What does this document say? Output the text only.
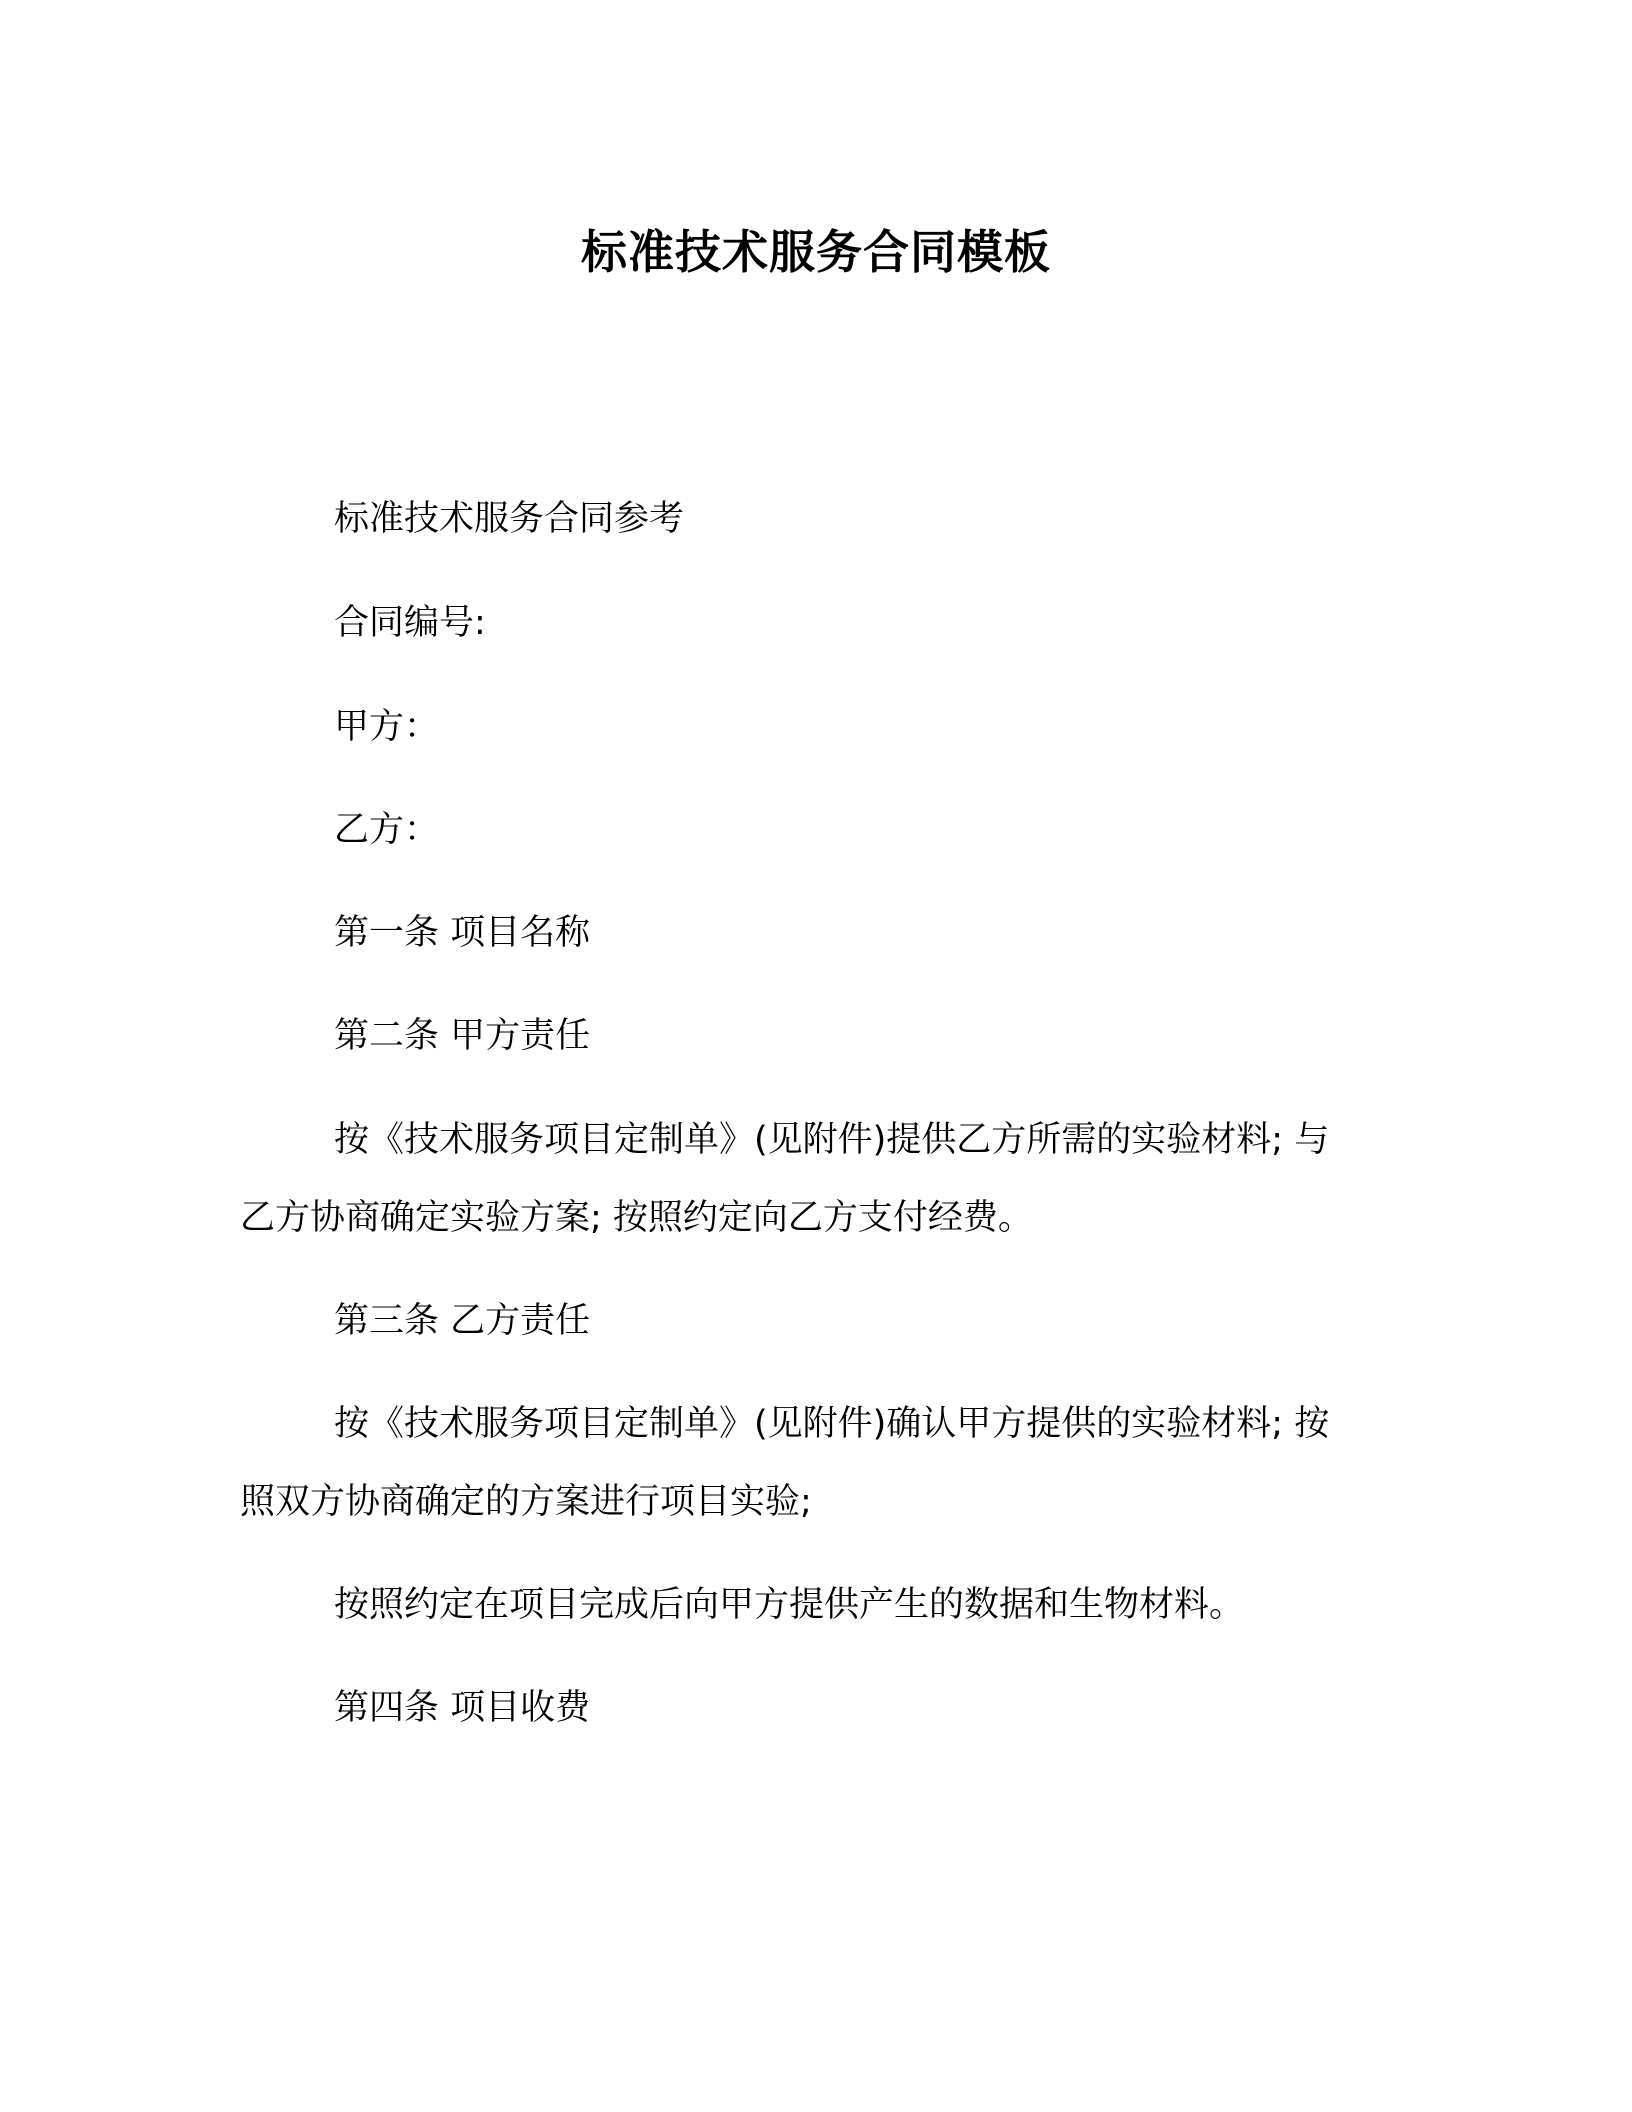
标准技术服务合同模板
标准技术服务合同参考
合同编号:
甲方：
乙方：
第一条 项目名称
第二条 甲方责任
按《技术服务项目定制单》(见附件)提供乙方所需的实验材料; 与
乙方协商确定实验方案; 按照约定向乙方支付经费。
第三条 乙方责任
按《技术服务项目定制单》(见附件)确认甲方提供的实验材料; 按
照双方协商确定的方案进行项目实验;
按照约定在项目完成后向甲方提供产生的数据和生物材料。
第四条 项目收费
